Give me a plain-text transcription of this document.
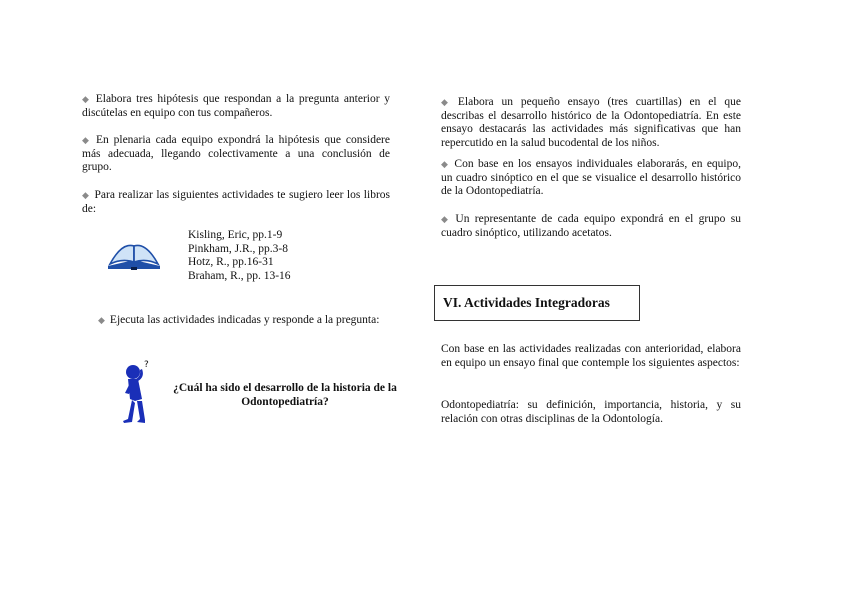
◆ Elabora tres hipótesis que respondan a la pregunta anterior y discútelas en equipo con tus compañeros.

◆ En plenaria cada equipo expondrá la hipótesis que considere más adecuada, llegando colectivamente a una conclusión de grupo.

◆ Para realizar las siguientes actividades te sugiero leer los libros de:

Kisling, Eric, pp.1-9
Pinkham, J.R., pp.3-8
Hotz, R., pp.16-31
Braham, R., pp. 13-16

◆ Ejecuta las actividades indicadas y responde a la pregunta:

?
¿Cuál ha sido el desarrollo de la historia de la Odontopediatría?

◆ Elabora un pequeño ensayo (tres cuartillas) en el que describas el desarrollo histórico de la Odontopediatría. En este ensayo destacarás las actividades más significativas que han repercutido en la salud bucodental de los niños.

◆ Con base en los ensayos individuales elaborarás, en equipo, un cuadro sinóptico en el que se visualice el desarrollo histórico de la Odontopediatría.

◆ Un representante de cada equipo expondrá en el grupo su cuadro sinóptico, utilizando acetatos.

VI. Actividades Integradoras

Con base en las actividades realizadas con anterioridad, elabora en equipo un ensayo final que contemple los siguientes aspectos:

Odontopediatría: su definición, importancia, historia, y su relación con otras disciplinas de la Odontología.
